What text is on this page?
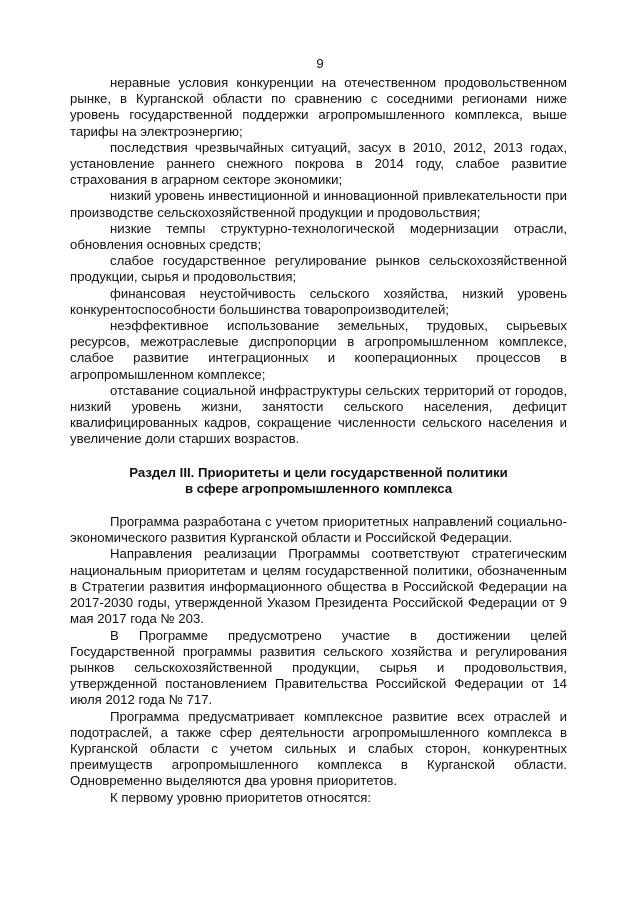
9

неравные условия конкуренции на отечественном продовольственном рынке, в Курганской области по сравнению с соседними регионами ниже уровень государственной поддержки агропромышленного комплекса, выше тарифы на электроэнергию;

последствия чрезвычайных ситуаций, засух в 2010, 2012, 2013 годах, установление раннего снежного покрова в 2014 году, слабое развитие страхования в аграрном секторе экономики;

низкий уровень инвестиционной и инновационной привлекательности при производстве сельскохозяйственной продукции и продовольствия;

низкие темпы структурно-технологической модернизации отрасли, обновления основных средств;

слабое государственное регулирование рынков сельскохозяйственной продукции, сырья и продовольствия;

финансовая неустойчивость сельского хозяйства, низкий уровень конкурентоспособности большинства товаропроизводителей;

неэффективное использование земельных, трудовых, сырьевых ресурсов, межотраслевые диспропорции в агропромышленном комплексе, слабое развитие интеграционных и кооперационных процессов в агропромышленном комплексе;

отставание социальной инфраструктуры сельских территорий от городов, низкий уровень жизни, занятости сельского населения, дефицит квалифицированных кадров, сокращение численности сельского населения и увеличение доли старших возрастов.

Раздел III. Приоритеты и цели государственной политики
в сфере агропромышленного комплекса

Программа разработана с учетом приоритетных направлений социально-экономического развития Курганской области и Российской Федерации.

Направления реализации Программы соответствуют стратегическим национальным приоритетам и целям государственной политики, обозначенным в Стратегии развития информационного общества в Российской Федерации на 2017-2030 годы, утвержденной Указом Президента Российской Федерации от 9 мая 2017 года № 203.

В Программе предусмотрено участие в достижении целей Государственной программы развития сельского хозяйства и регулирования рынков сельскохозяйственной продукции, сырья и продовольствия, утвержденной постановлением Правительства Российской Федерации от 14 июля 2012 года № 717.

Программа предусматривает комплексное развитие всех отраслей и подотраслей, а также сфер деятельности агропромышленного комплекса в Курганской области с учетом сильных и слабых сторон, конкурентных преимуществ агропромышленного комплекса в Курганской области. Одновременно выделяются два уровня приоритетов.

К первому уровню приоритетов относятся:
